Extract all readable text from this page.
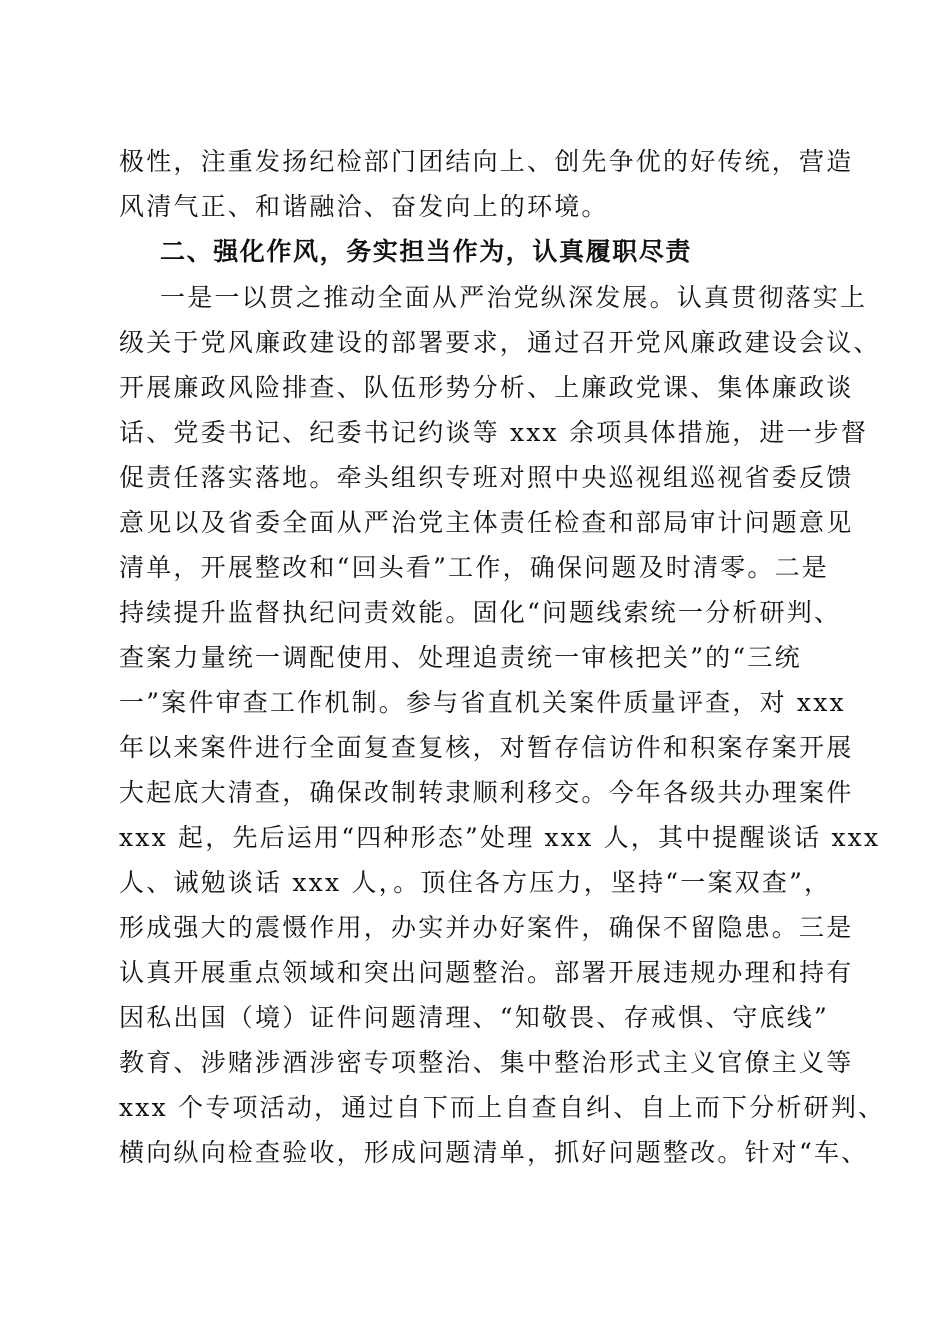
极性，注重发扬纪检部门团结向上、创先争优的好传统，营造
风清气正、和谐融洽、奋发向上的环境。
二、强化作风，务实担当作为，认真履职尽责
一是一以贯之推动全面从严治党纵深发展。认真贯彻落实上
级关于党风廉政建设的部署要求，通过召开党风廉政建设会议、
开展廉政风险排查、队伍形势分析、上廉政党课、集体廉政谈
话、党委书记、纪委书记约谈等 xxx 余项具体措施，进一步督
促责任落实落地。牵头组织专班对照中央巡视组巡视省委反馈
意见以及省委全面从严治党主体责任检查和部局审计问题意见
清单，开展整改和“回头看”工作，确保问题及时清零。二是
持续提升监督执纪问责效能。固化“问题线索统一分析研判、
查案力量统一调配使用、处理追责统一审核把关”的“三统
一”案件审查工作机制。参与省直机关案件质量评查，对 xxx
年以来案件进行全面复查复核，对暂存信访件和积案存案开展
大起底大清查，确保改制转隶顺利移交。今年各级共办理案件
xxx 起，先后运用“四种形态”处理 xxx 人，其中提醒谈话 xxx
人、诫勉谈话 xxx 人，。顶住各方压力，坚持“一案双查”，
形成强大的震慑作用，办实并办好案件，确保不留隐患。三是
认真开展重点领域和突出问题整治。部署开展违规办理和持有
因私出国（境）证件问题清理、“知敬畏、存戒惧、守底线”
教育、涉赌涉酒涉密专项整治、集中整治形式主义官僚主义等
xxx 个专项活动，通过自下而上自查自纠、自上而下分析研判、
横向纵向检查验收，形成问题清单，抓好问题整改。针对“车、
